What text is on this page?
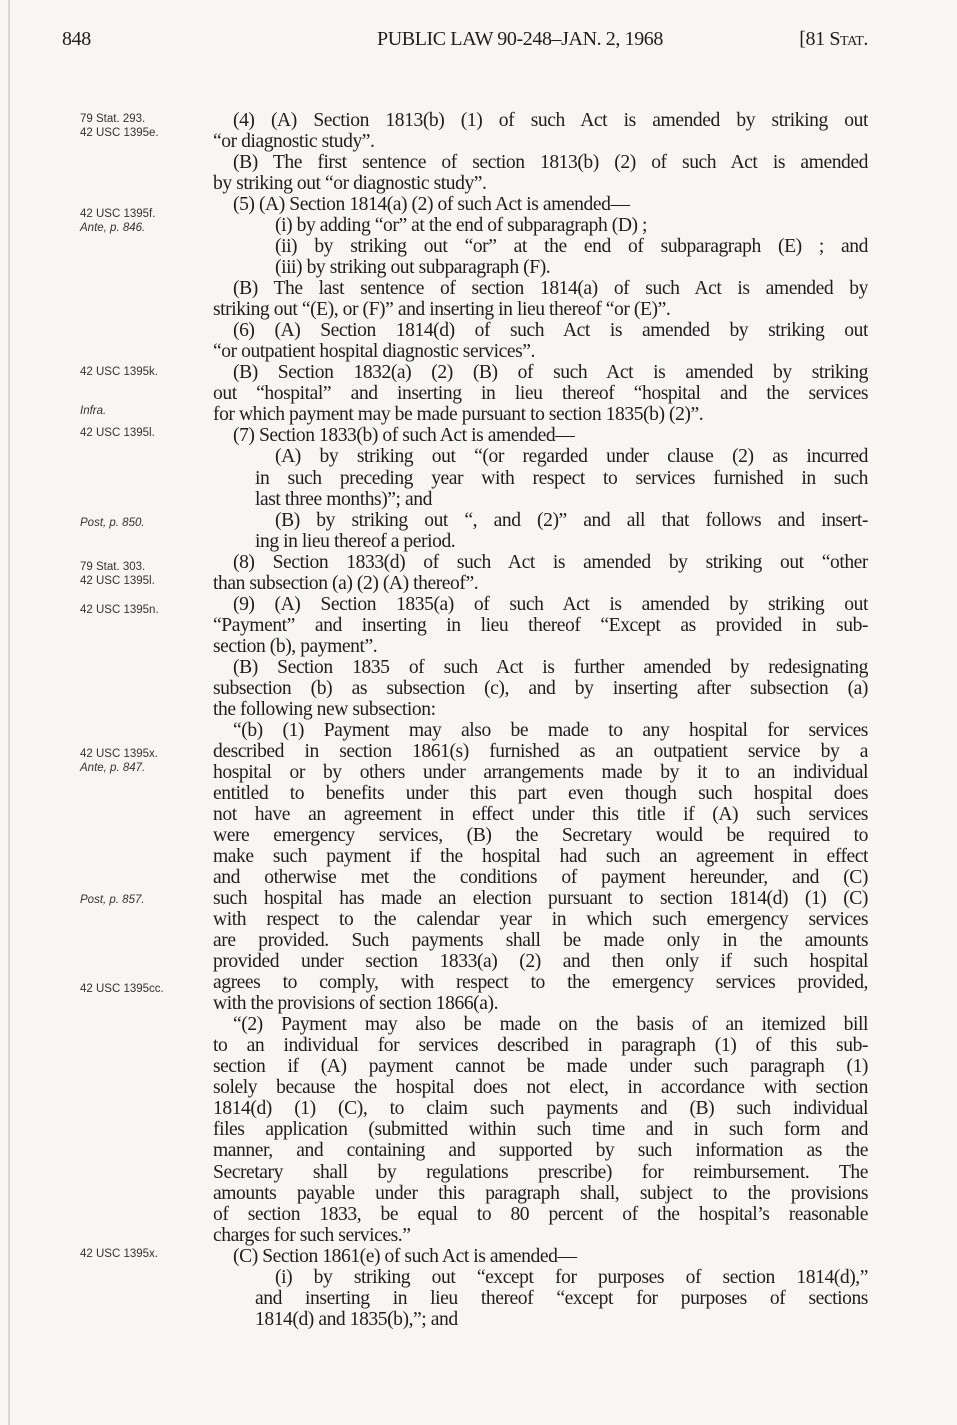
848	PUBLIC LAW 90-248–JAN. 2, 1968	[81 Stat.
79 Stat. 293.
42 USC 1395e.
42 USC 1395f.
Ante, p. 846.
42 USC 1395k.
Infra.
42 USC 1395l.
Post, p. 850.
79 Stat. 303.
42 USC 1395l.
42 USC 1395n.
42 USC 1395x.
Ante, p. 847.
Post, p. 857.
42 USC 1395cc.
42 USC 1395x.
(4) (A) Section 1813(b) (1) of such Act is amended by striking out
“or diagnostic study”.
(B) The first sentence of section 1813(b) (2) of such Act is amended
by striking out “or diagnostic study”.
(5) (A) Section 1814(a) (2) of such Act is amended—
(i) by adding “or” at the end of subparagraph (D) ;
(ii) by striking out “or” at the end of subparagraph (E) ; and
(iii) by striking out subparagraph (F).
(B) The last sentence of section 1814(a) of such Act is amended by
striking out “(E), or (F)” and inserting in lieu thereof “or (E)”.
(6) (A) Section 1814(d) of such Act is amended by striking out
“or outpatient hospital diagnostic services”.
(B) Section 1832(a) (2) (B) of such Act is amended by striking
out “hospital” and inserting in lieu thereof “hospital and the services
for which payment may be made pursuant to section 1835(b) (2)”.
(7) Section 1833(b) of such Act is amended—
(A) by striking out “(or regarded under clause (2) as incurred
in such preceding year with respect to services furnished in such
last three months)”; and
(B) by striking out “, and (2)” and all that follows and insert-
ing in lieu thereof a period.
(8) Section 1833(d) of such Act is amended by striking out “other
than subsection (a) (2) (A) thereof”.
(9) (A) Section 1835(a) of such Act is amended by striking out
“Payment” and inserting in lieu thereof “Except as provided in sub-
section (b), payment”.
(B) Section 1835 of such Act is further amended by redesignating
subsection (b) as subsection (c), and by inserting after subsection (a)
the following new subsection:
“(b) (1) Payment may also be made to any hospital for services
described in section 1861(s) furnished as an outpatient service by a
hospital or by others under arrangements made by it to an individual
entitled to benefits under this part even though such hospital does
not have an agreement in effect under this title if (A) such services
were emergency services, (B) the Secretary would be required to
make such payment if the hospital had such an agreement in effect
and otherwise met the conditions of payment hereunder, and (C)
such hospital has made an election pursuant to section 1814(d) (1) (C)
with respect to the calendar year in which such emergency services
are provided. Such payments shall be made only in the amounts
provided under section 1833(a) (2) and then only if such hospital
agrees to comply, with respect to the emergency services provided,
with the provisions of section 1866(a).
“(2) Payment may also be made on the basis of an itemized bill
to an individual for services described in paragraph (1) of this sub-
section if (A) payment cannot be made under such paragraph (1)
solely because the hospital does not elect, in accordance with section
1814(d) (1) (C), to claim such payments and (B) such individual
files application (submitted within such time and in such form and
manner, and containing and supported by such information as the
Secretary shall by regulations prescribe) for reimbursement. The
amounts payable under this paragraph shall, subject to the provisions
of section 1833, be equal to 80 percent of the hospital’s reasonable
charges for such services.”
(C) Section 1861(e) of such Act is amended—
(i) by striking out “except for purposes of section 1814(d),”
and inserting in lieu thereof “except for purposes of sections
1814(d) and 1835(b),”; and
